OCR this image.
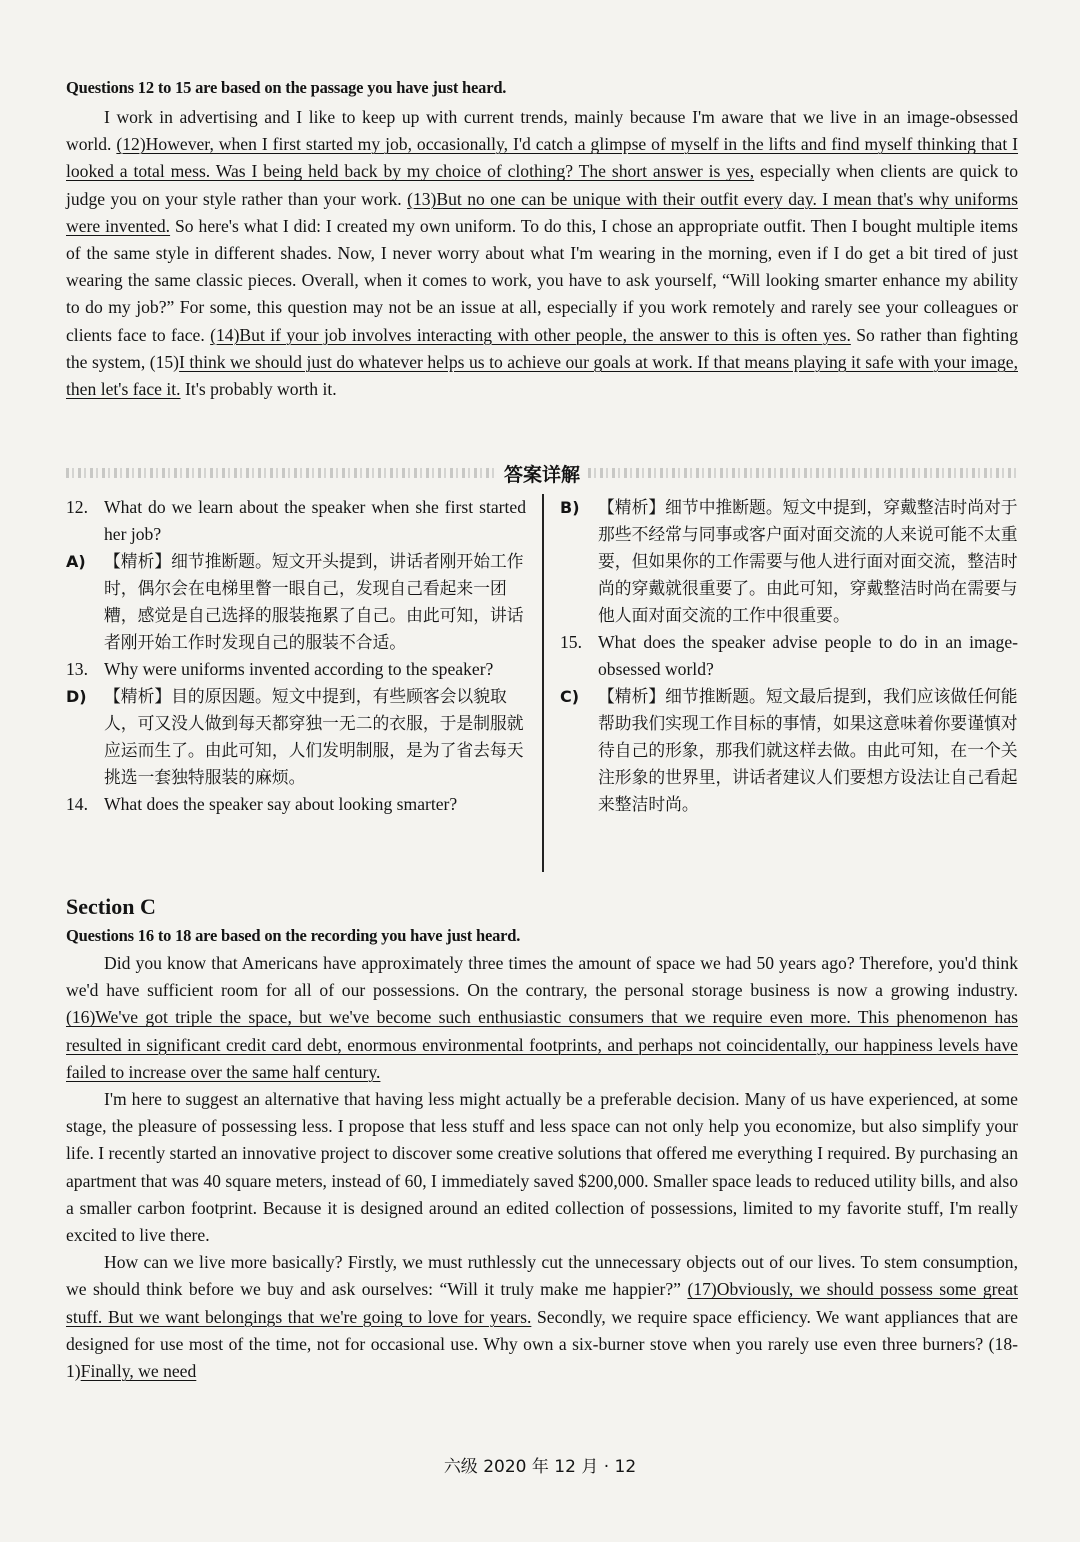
Questions 12 to 15 are based on the passage you have just heard.

I work in advertising and I like to keep up with current trends, mainly because I'm aware that we live in an image-obsessed world. (12)However, when I first started my job, occasionally, I'd catch a glimpse of myself in the lifts and find myself thinking that I looked a total mess. Was I being held back by my choice of clothing? The short answer is yes, especially when clients are quick to judge you on your style rather than your work. (13)But no one can be unique with their outfit every day. I mean that's why uniforms were invented. So here's what I did: I created my own uniform. To do this, I chose an appropriate outfit. Then I bought multiple items of the same style in different shades. Now, I never worry about what I'm wearing in the morning, even if I do get a bit tired of just wearing the same classic pieces. Overall, when it comes to work, you have to ask yourself, “Will looking smarter enhance my ability to do my job?” For some, this question may not be an issue at all, especially if you work remotely and rarely see your colleagues or clients face to face. (14)But if your job involves interacting with other people, the answer to this is often yes. So rather than fighting the system, (15)I think we should just do whatever helps us to achieve our goals at work. If that means playing it safe with your image, then let's face it. It's probably worth it.

答案详解
12. What do we learn about the speaker when she first started her job?
A)	【精析】细节推断题。短文开头提到，讲话者刚开始工作时，偶尔会在电梯里瞥一眼自己，发现自己看起来一团糟，感觉是自己选择的服装拖累了自己。由此可知，讲话者刚开始工作时发现自己的服装不合适。
13. Why were uniforms invented according to the speaker?
D)	【精析】目的原因题。短文中提到，有些顾客会以貌取人，可又没人做到每天都穿独一无二的衣服，于是制服就应运而生了。由此可知，人们发明制服，是为了省去每天挑选一套独特服装的麻烦。
14. What does the speaker say about looking smarter?
B)	【精析】细节中推断题。短文中提到，穿戴整洁时尚对于那些不经常与同事或客户面对面交流的人来说可能不太重要，但如果你的工作需要与他人进行面对面交流，整洁时尚的穿戴就很重要了。由此可知，穿戴整洁时尚在需要与他人面对面交流的工作中很重要。
15. What does the speaker advise people to do in an image-obsessed world?
C)	【精析】细节推断题。短文最后提到，我们应该做任何能帮助我们实现工作目标的事情，如果这意味着你要谨慎对待自己的形象，那我们就这样去做。由此可知，在一个关注形象的世界里，讲话者建议人们要想方设法让自己看起来整洁时尚。
Section C
Questions 16 to 18 are based on the recording you have just heard.

Did you know that Americans have approximately three times the amount of space we had 50 years ago? Therefore, you'd think we'd have sufficient room for all of our possessions. On the contrary, the personal storage business is now a growing industry. (16)We've got triple the space, but we've become such enthusiastic consumers that we require even more. This phenomenon has resulted in significant credit card debt, enormous environmental footprints, and perhaps not coincidentally, our happiness levels have failed to increase over the same half century.

I'm here to suggest an alternative that having less might actually be a preferable decision. Many of us have experienced, at some stage, the pleasure of possessing less. I propose that less stuff and less space can not only help you economize, but also simplify your life. I recently started an innovative project to discover some creative solutions that offered me everything I required. By purchasing an apartment that was 40 square meters, instead of 60, I immediately saved $200,000. Smaller space leads to reduced utility bills, and also a smaller carbon footprint. Because it is designed around an edited collection of possessions, limited to my favorite stuff, I'm really excited to live there.

How can we live more basically? Firstly, we must ruthlessly cut the unnecessary objects out of our lives. To stem consumption, we should think before we buy and ask ourselves: “Will it truly make me happier?” (17)Obviously, we should possess some great stuff. But we want belongings that we're going to love for years. Secondly, we require space efficiency. We want appliances that are designed for use most of the time, not for occasional use. Why own a six-burner stove when you rarely use even three burners? (18-1)Finally, we need

六级 2020 年 12 月 · 12
